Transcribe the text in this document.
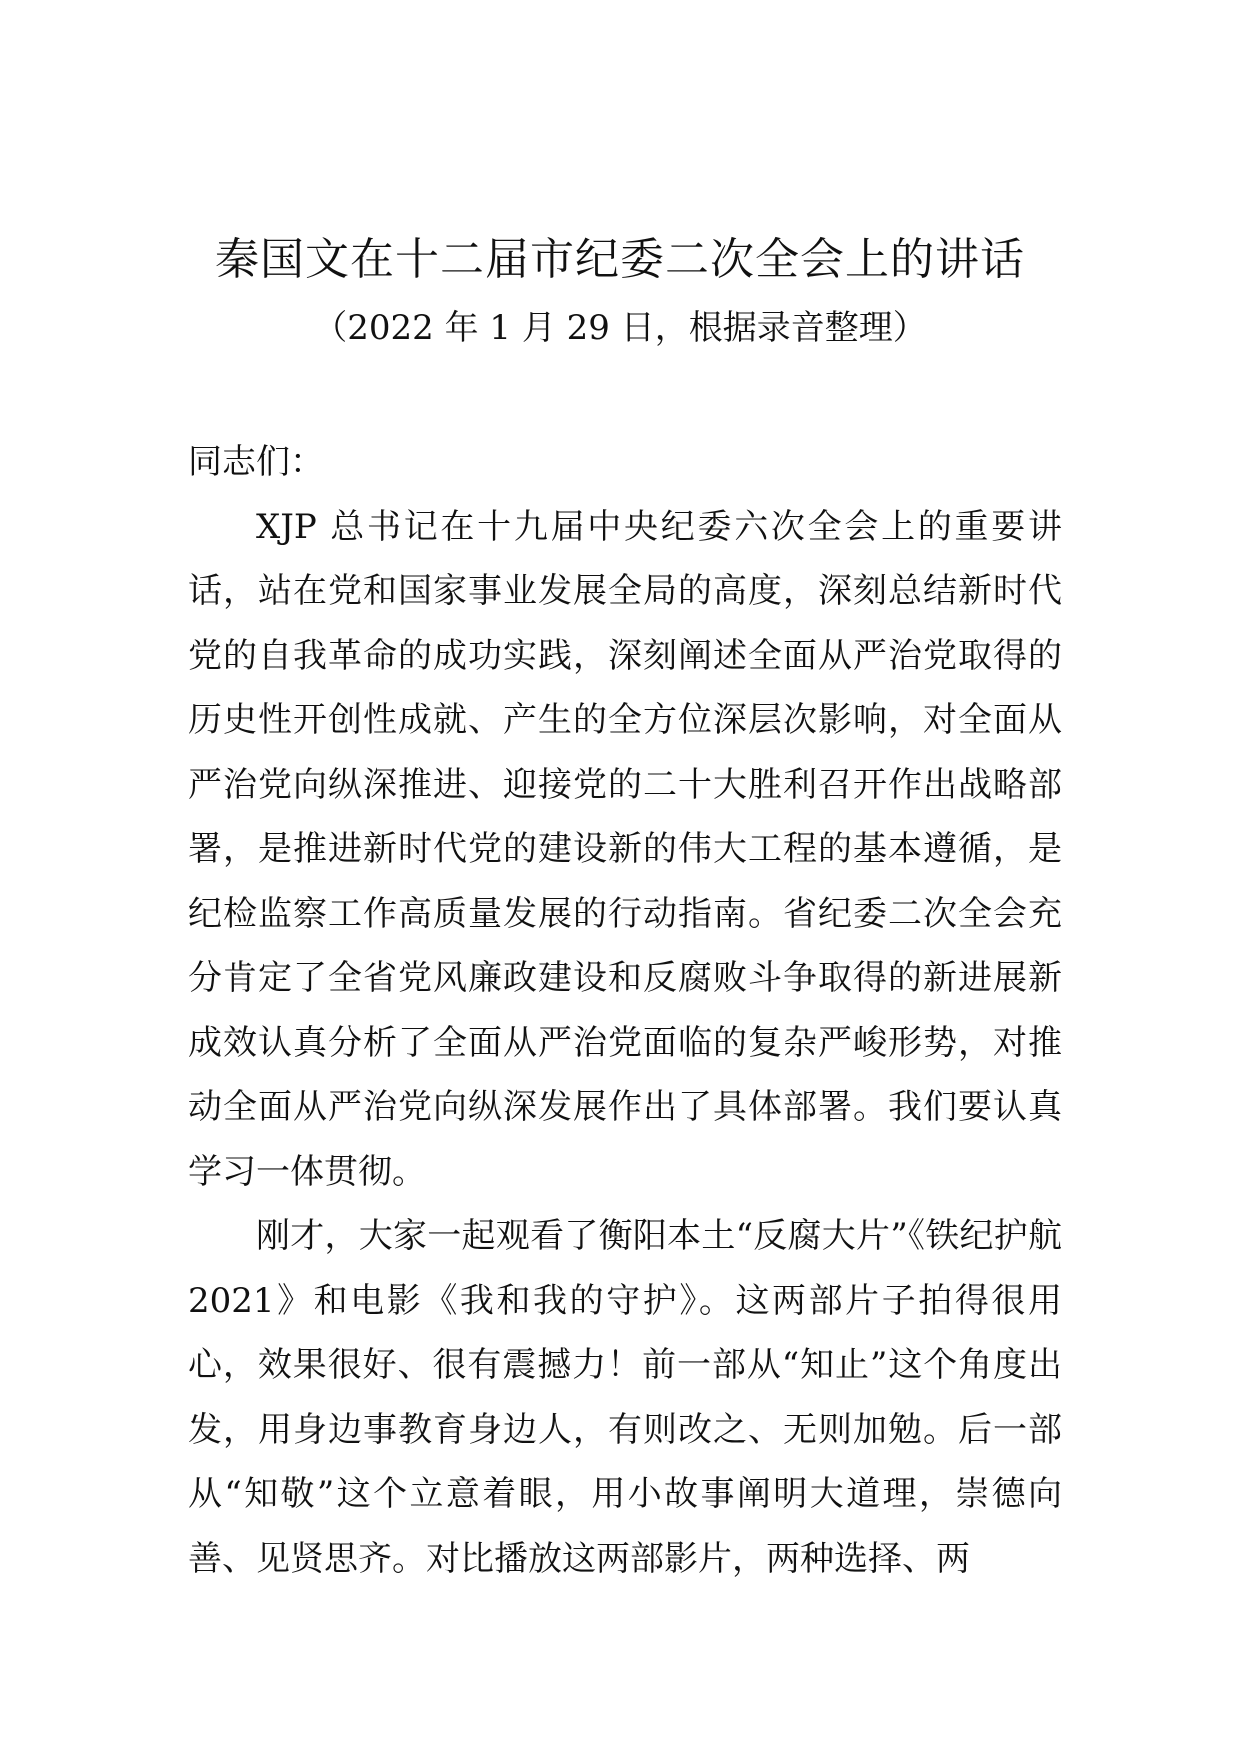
秦国文在十二届市纪委二次全会上的讲话

（2022 年 1 月 29 日，根据录音整理）

同志们：

XJP 总书记在十九届中央纪委六次全会上的重要讲话，站在党和国家事业发展全局的高度，深刻总结新时代党的自我革命的成功实践，深刻阐述全面从严治党取得的历史性开创性成就、产生的全方位深层次影响，对全面从严治党向纵深推进、迎接党的二十大胜利召开作出战略部署，是推进新时代党的建设新的伟大工程的基本遵循，是纪检监察工作高质量发展的行动指南。省纪委二次全会充分肯定了全省党风廉政建设和反腐败斗争取得的新进展新成效认真分析了全面从严治党面临的复杂严峻形势，对推动全面从严治党向纵深发展作出了具体部署。我们要认真学习一体贯彻。

刚才，大家一起观看了衡阳本土“反腐大片”《铁纪护航 2021》和电影《我和我的守护》。这两部片子拍得很用心，效果很好、很有震撼力！前一部从“知止”这个角度出发，用身边事教育身边人，有则改之、无则加勉。后一部从“知敬”这个立意着眼，用小故事阐明大道理，崇德向善、见贤思齐。对比播放这两部影片，两种选择、两
